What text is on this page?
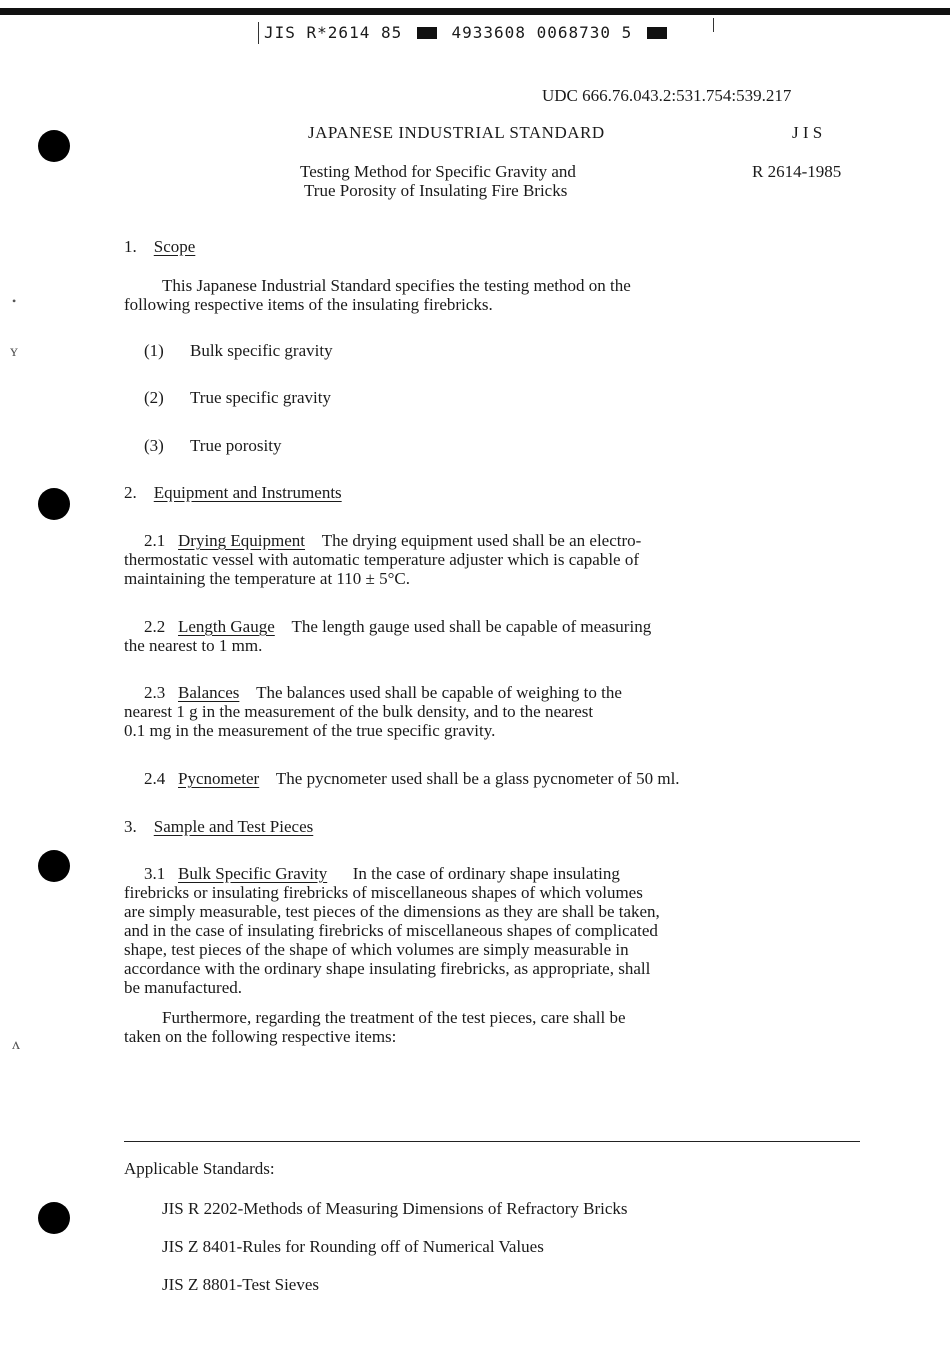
JIS R*2614 85	4933608 0068730 5
•
ʏ
ʌ
UDC 666.76.043.2:531.754:539.217
JAPANESE INDUSTRIAL STANDARD	J I S
Testing Method for Specific Gravity and
True Porosity of Insulating Fire Bricks
R 2614-1985
1. Scope
This Japanese Industrial Standard specifies the testing method on the
following respective items of the insulating firebricks.
(1) Bulk specific gravity
(2) True specific gravity
(3) True porosity
2. Equipment and Instruments
2.1 Drying Equipment The drying equipment used shall be an electro-
thermostatic vessel with automatic temperature adjuster which is capable of
maintaining the temperature at 110 ± 5°C.
2.2 Length Gauge The length gauge used shall be capable of measuring
the nearest to 1 mm.
2.3 Balances The balances used shall be capable of weighing to the
nearest 1 g in the measurement of the bulk density, and to the nearest
0.1 mg in the measurement of the true specific gravity.
2.4 Pycnometer The pycnometer used shall be a glass pycnometer of 50 ml.
3. Sample and Test Pieces
3.1 Bulk Specific Gravity In the case of ordinary shape insulating
firebricks or insulating firebricks of miscellaneous shapes of which volumes
are simply measurable, test pieces of the dimensions as they are shall be taken,
and in the case of insulating firebricks of miscellaneous shapes of complicated
shape, test pieces of the shape of which volumes are simply measurable in
accordance with the ordinary shape insulating firebricks, as appropriate, shall
be manufactured.
Furthermore, regarding the treatment of the test pieces, care shall be
taken on the following respective items:
Applicable Standards:
JIS R 2202-Methods of Measuring Dimensions of Refractory Bricks
JIS Z 8401-Rules for Rounding off of Numerical Values
JIS Z 8801-Test Sieves
